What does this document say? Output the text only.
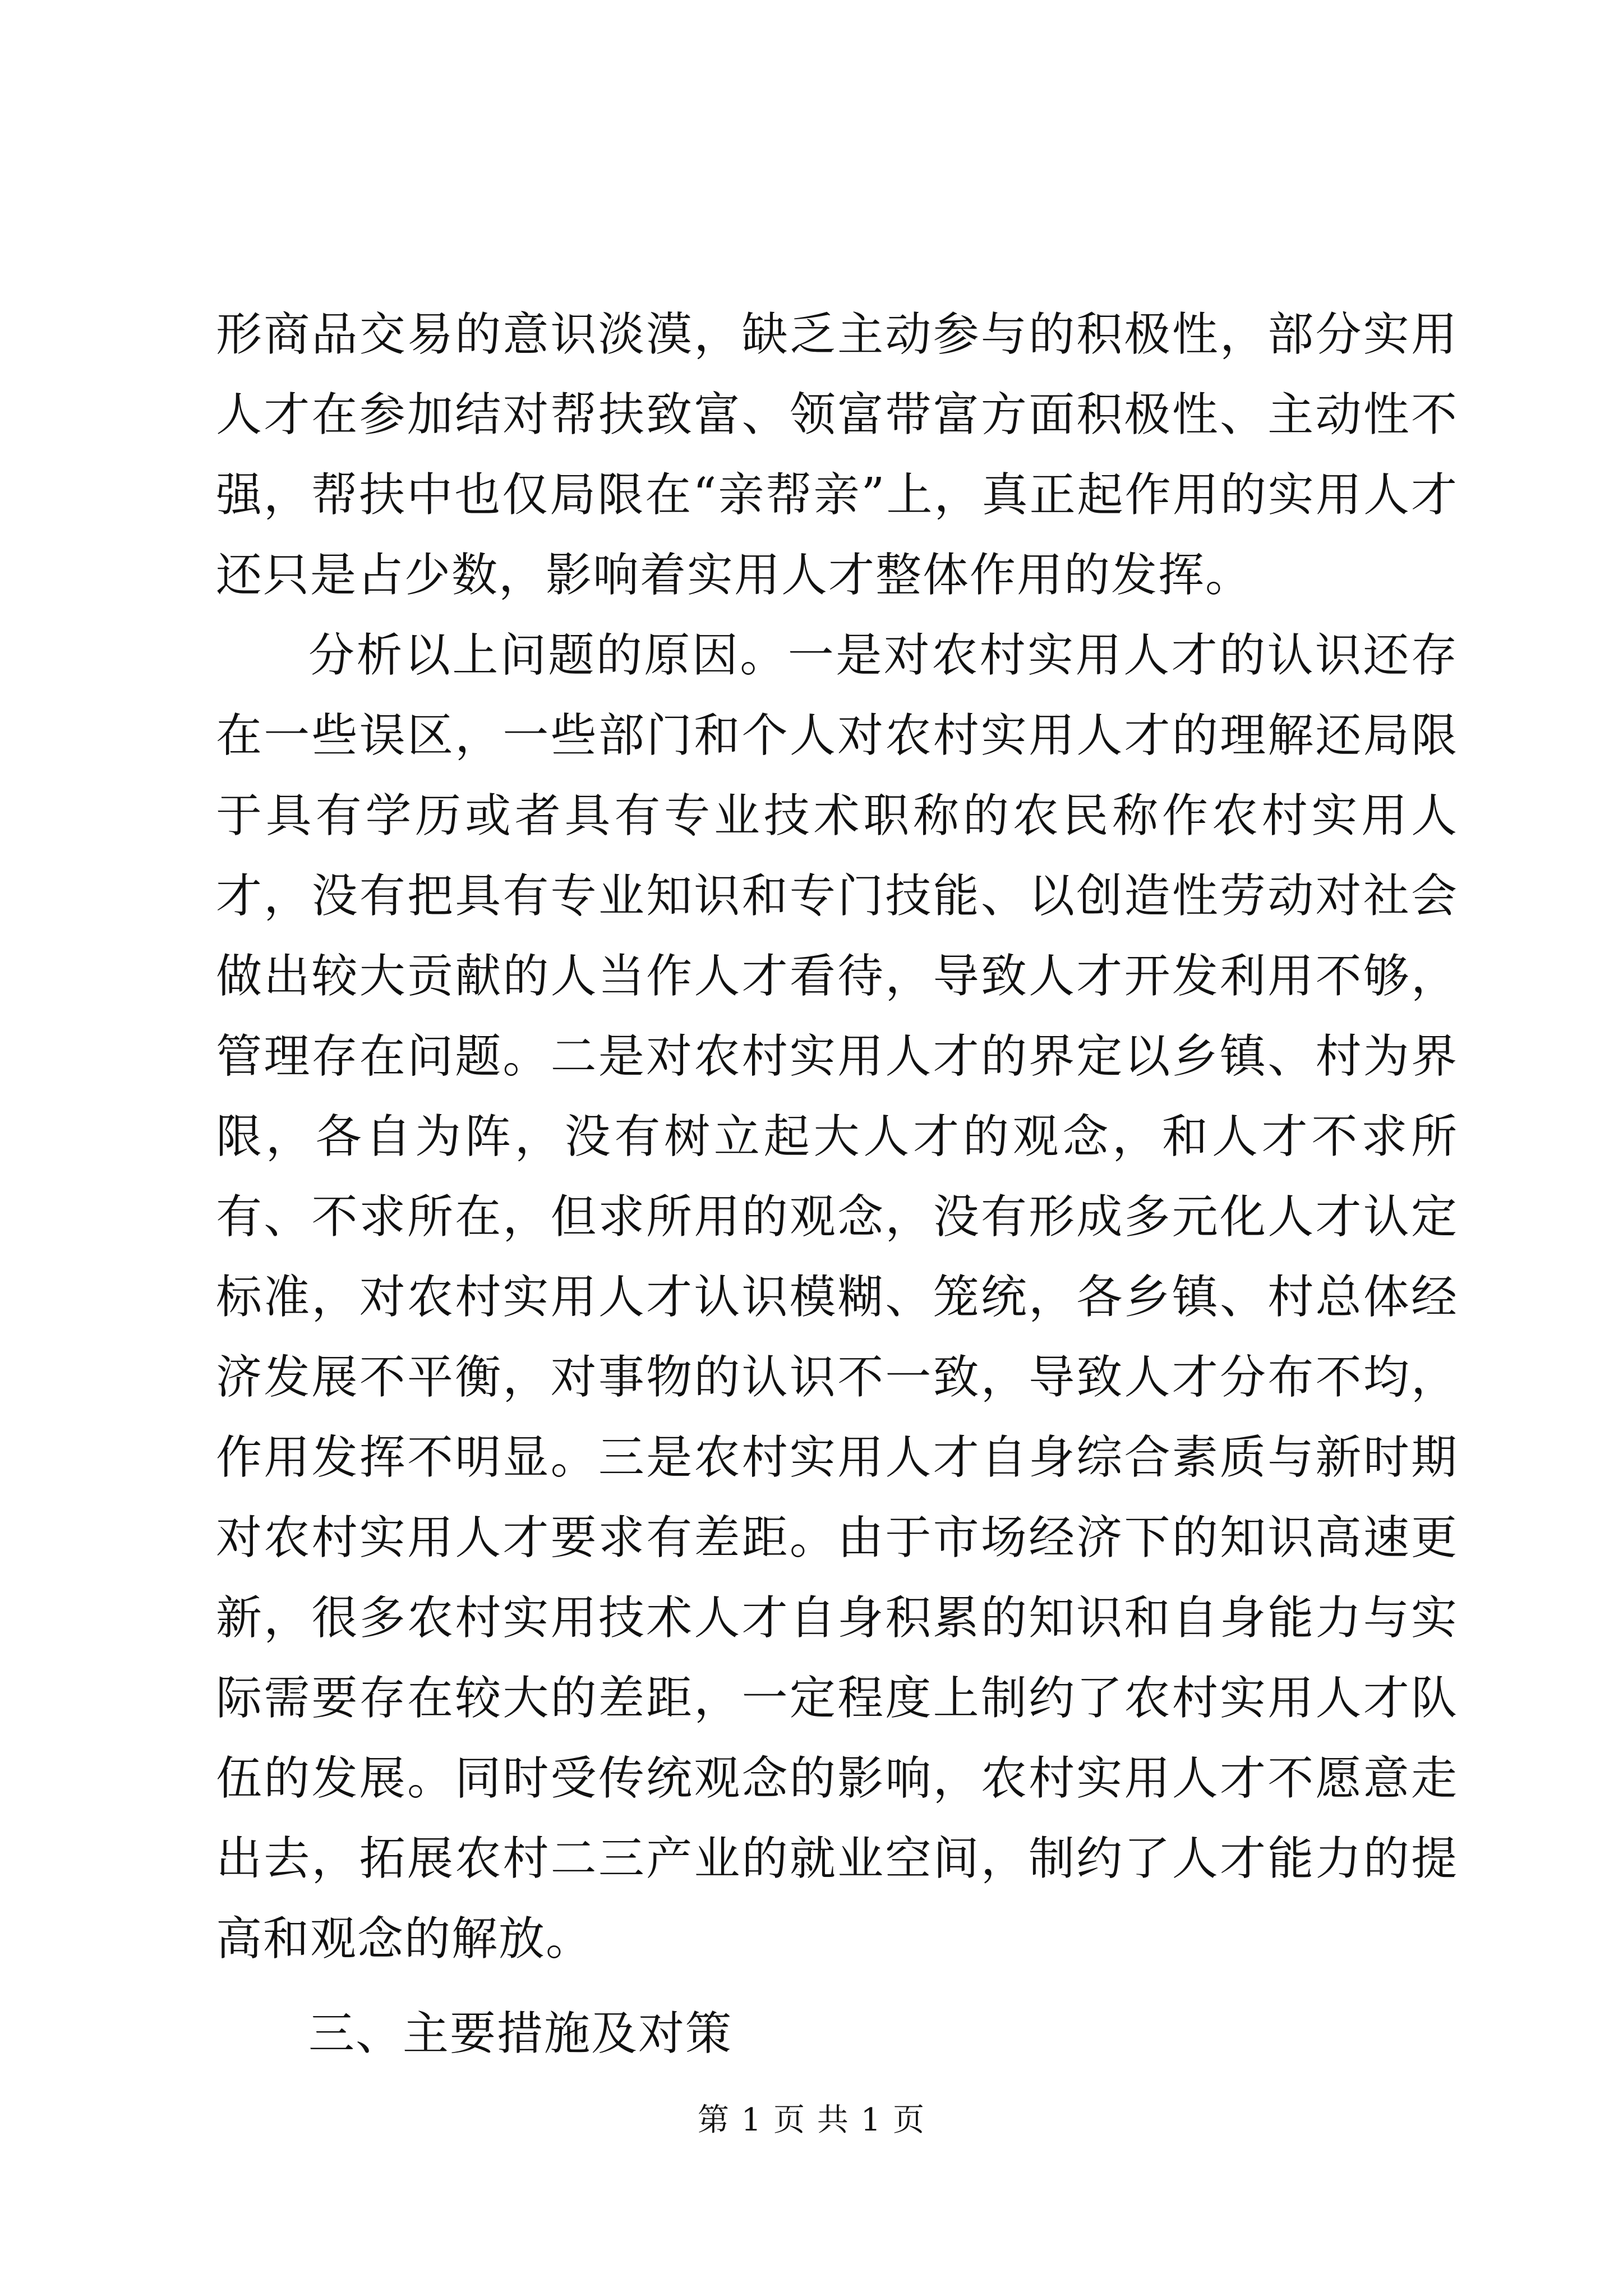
形商品交易的意识淡漠，缺乏主动参与的积极性，部分实用人才在参加结对帮扶致富、领富带富方面积极性、主动性不强，帮扶中也仅局限在“亲帮亲”上，真正起作用的实用人才还只是占少数，影响着实用人才整体作用的发挥。

分析以上问题的原因。一是对农村实用人才的认识还存在一些误区，一些部门和个人对农村实用人才的理解还局限于具有学历或者具有专业技术职称的农民称作农村实用人才，没有把具有专业知识和专门技能、以创造性劳动对社会做出较大贡献的人当作人才看待，导致人才开发利用不够，管理存在问题。二是对农村实用人才的界定以乡镇、村为界限，各自为阵，没有树立起大人才的观念，和人才不求所有、不求所在，但求所用的观念，没有形成多元化人才认定标准，对农村实用人才认识模糊、笼统，各乡镇、村总体经济发展不平衡，对事物的认识不一致，导致人才分布不均，作用发挥不明显。三是农村实用人才自身综合素质与新时期对农村实用人才要求有差距。由于市场经济下的知识高速更新，很多农村实用技术人才自身积累的知识和自身能力与实际需要存在较大的差距，一定程度上制约了农村实用人才队伍的发展。同时受传统观念的影响，农村实用人才不愿意走出去，拓展农村二三产业的就业空间，制约了人才能力的提高和观念的解放。

三、主要措施及对策

第 1 页 共 1 页
